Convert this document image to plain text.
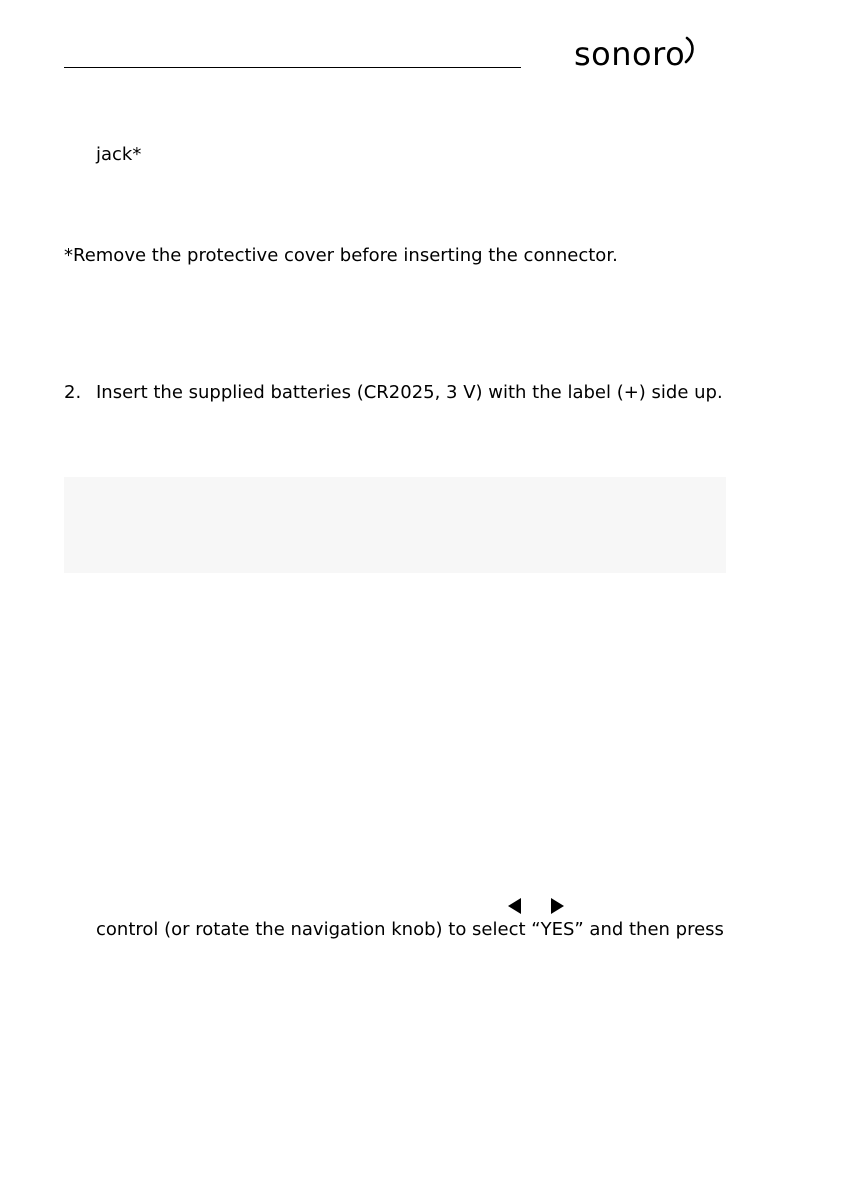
sonoro
jack*
*Remove the protective cover before inserting the connector.
2. Insert the supplied batteries (CR2025, 3 V) with the label (+) side up.
control (or rotate the navigation knob) to select “YES” and then press
